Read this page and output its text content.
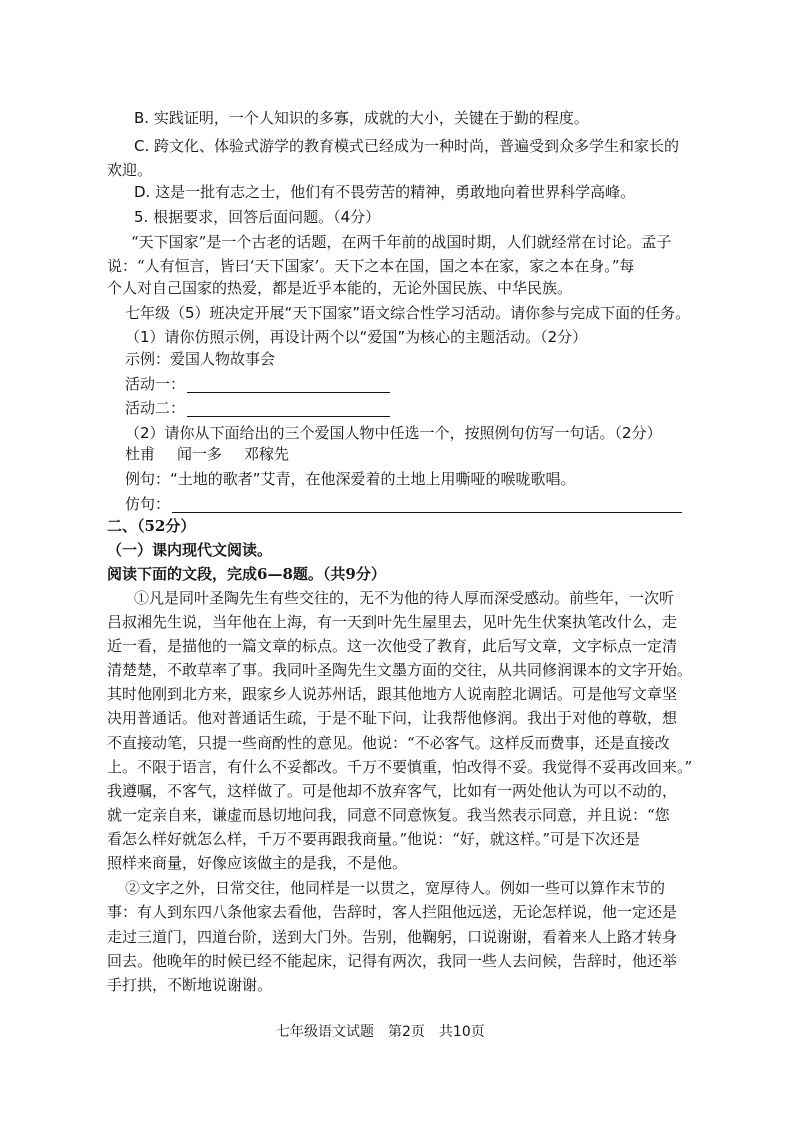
B. 实践证明，一个人知识的多寡，成就的大小，关键在于勤的程度。
C. 跨文化、体验式游学的教育模式已经成为一种时尚，普遍受到众多学生和家长的
欢迎。
D. 这是一批有志之士，他们有不畏劳苦的精神，勇敢地向着世界科学高峰。
5. 根据要求，回答后面问题。（4分）
“天下国家”是一个古老的话题，在两千年前的战国时期，人们就经常在讨论。孟子
说：“人有恒言，皆曰‘天下国家’。天下之本在国，国之本在家，家之本在身。”每
个人对自己国家的热爱，都是近乎本能的，无论外国民族、中华民族。
七年级（5）班决定开展“天下国家”语文综合性学习活动。请你参与完成下面的任务。
（1）请你仿照示例，再设计两个以“爱国”为核心的主题活动。（2分）
示例：爱国人物故事会
活动一：
活动二：
（2）请你从下面给出的三个爱国人物中任选一个，按照例句仿写一句话。（2分）
杜甫 闻一多 邓稼先
例句：“土地的歌者”艾青，在他深爱着的土地上用嘶哑的喉咙歌唱。
仿句：
二、（52分）
（一）课内现代文阅读。
阅读下面的文段，完成6—8题。（共9分）
①凡是同叶圣陶先生有些交往的，无不为他的待人厚而深受感动。前些年，一次听
吕叔湘先生说，当年他在上海，有一天到叶先生屋里去，见叶先生伏案执笔改什么，走
近一看，是描他的一篇文章的标点。这一次他受了教育，此后写文章，文字标点一定清
清楚楚，不敢草率了事。我同叶圣陶先生文墨方面的交往，从共同修润课本的文字开始。
其时他刚到北方来，跟家乡人说苏州话，跟其他地方人说南腔北调话。可是他写文章坚
决用普通话。他对普通话生疏，于是不耻下问，让我帮他修润。我出于对他的尊敬，想
不直接动笔，只提一些商酌性的意见。他说：“不必客气。这样反而费事，还是直接改
上。不限于语言，有什么不妥都改。千万不要慎重，怕改得不妥。我觉得不妥再改回来。”
我遵嘱，不客气，这样做了。可是他却不放弃客气，比如有一两处他认为可以不动的，
就一定亲自来，谦虚而恳切地问我，同意不同意恢复。我当然表示同意，并且说：“您
看怎么样好就怎么样，千万不要再跟我商量。”他说：“好，就这样。”可是下次还是
照样来商量，好像应该做主的是我，不是他。
②文字之外，日常交往，他同样是一以贯之，宽厚待人。例如一些可以算作末节的
事：有人到东四八条他家去看他，告辞时，客人拦阻他远送，无论怎样说，他一定还是
走过三道门，四道台阶，送到大门外。告别，他鞠躬，口说谢谢，看着来人上路才转身
回去。他晚年的时候已经不能起床，记得有两次，我同一些人去问候，告辞时，他还举
手打拱，不断地说谢谢。
七年级语文试题　第2页　共10页
